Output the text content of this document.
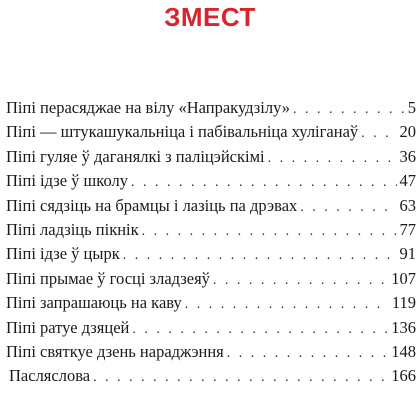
ЗМЕСТ
Піпі перасяджае на вілу «Напракудзілу» . . .	5
Піпі — штукашукальніца і пабівальніца хуліганаў . . .	20
Піпі гуляе ў даганялкі з паліцэйскімі . . .	36
Піпі ідзе ў школу . . .	47
Піпі сядзіць на брамцы і лазіць па дрэвах . . .	63
Піпі ладзіць пікнік . . .	77
Піпі ідзе ў цырк . . .	91
Піпі прымае ў госці зладзеяў . . .	107
Піпі запрашаюць на каву . . .	119
Піпі ратуе дзяцей . . .	136
Піпі святкуе дзень нараджэння . . .	148
Пасляслова . . .	166
